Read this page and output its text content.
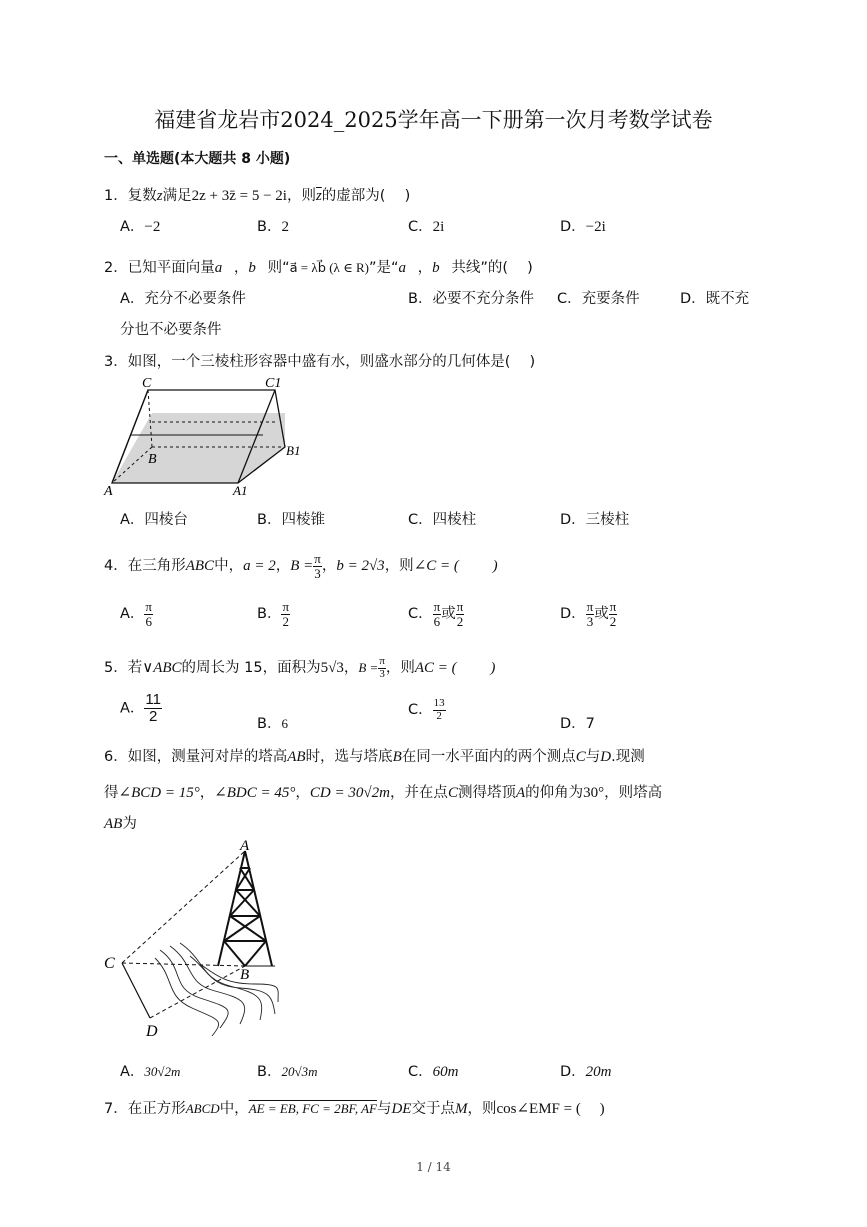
福建省龙岩市2024_2025学年高一下册第一次月考数学试卷
一、单选题(本大题共 8 小题)
1．复数z满足2z + 3z̄ = 5 − 2i，则$\overline{z}$的虚部为(　 )
A．−2	B．2	C．2i	D．−2i
2．已知平面向量a⃗，b⃗则“a⃗ = λb⃗ (λ ∈ R)”是“a⃗，b⃗共线”的(　 )
A．充分不必要条件	B．必要不充分条件 C．充要条件	D．既不充
分也不必要条件
3．如图，一个三棱柱形容器中盛有水，则盛水部分的几何体是(　 )
C	C1
B
B1
A	A1
A．四棱台	B．四棱锥	C．四棱柱	D．三棱柱
4．在三角形ABC中，a = 2，$B = \frac{\pi}{3}$ ，b = 2√3，则∠C = (　　 )
A． $\frac{\pi}{6}$	B． $\frac{\pi}{2}$	C． $\frac{\pi}{6}$ 或 $\frac{\pi}{2}$	D． $\frac{\pi}{3}$ 或 $\frac{\pi}{2}$
5．若∨ABC的周长为 15，面积为5√3，$B = \frac{\pi}{3}$ ，则AC = (　　 )
A． $\frac{11}{2}$	B．6
C． $\frac{13}{2}$
D．7
6．如图，测量河对岸的塔高AB时，选与塔底B在同一水平面内的两个测点C与D.现测
得∠BCD = 15°，∠BDC = 45°，CD = 30√2m，并在点C测得塔顶A的仰角为30°，则塔高
AB为
A
C
B
D
A．30√2m	B．20√3m	C．60m	D．20m
7．在正方形ABCD中，AE = EB, FC = 2BF, AF与DE交于点M，则cos∠EMF = (　 )
1 / 14
